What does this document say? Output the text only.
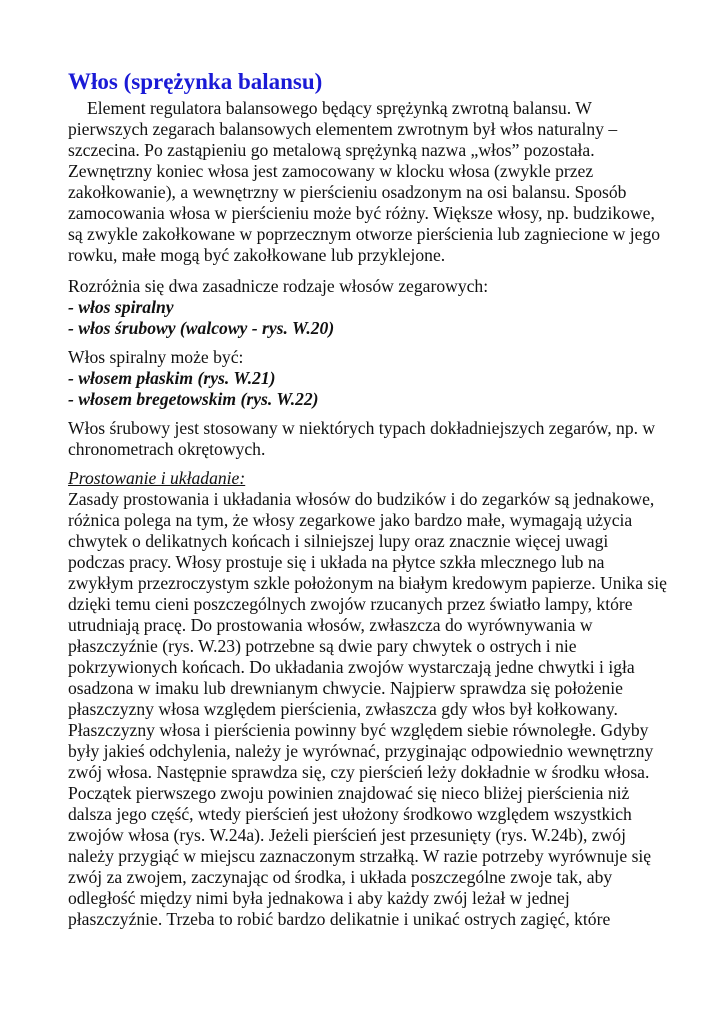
Włos (sprężynka balansu)

Element regulatora balansowego będący sprężynką zwrotną balansu. W pierwszych zegarach balansowych elementem zwrotnym był włos naturalny – szczecina. Po zastąpieniu go metalową sprężynką nazwa „włos” pozostała. Zewnętrzny koniec włosa jest zamocowany w klocku włosa (zwykle przez zakołkowanie), a wewnętrzny w pierścieniu osadzonym na osi balansu. Sposób zamocowania włosa w pierścieniu może być różny. Większe włosy, np. budzikowe, są zwykle zakołkowane w poprzecznym otworze pierścienia lub zagniecione w jego rowku, małe mogą być zakołkowane lub przyklejone.

Rozróżnia się dwa zasadnicze rodzaje włosów zegarowych:

- włos spiralny

- włos śrubowy (walcowy - rys. W.20)

Włos spiralny może być:

- włosem płaskim (rys. W.21)

- włosem bregetowskim (rys. W.22)

Włos śrubowy jest stosowany w niektórych typach dokładniejszych zegarów, np. w chronometrach okrętowych.

Prostowanie i układanie:

Zasady prostowania i układania włosów do budzików i do zegarków są jednakowe, różnica polega na tym, że włosy zegarkowe jako bardzo małe, wymagają użycia chwytek o delikatnych końcach i silniejszej lupy oraz znacznie więcej uwagi podczas pracy. Włosy prostuje się i układa na płytce szkła mlecznego lub na zwykłym przezroczystym szkle położonym na białym kredowym papierze. Unika się dzięki temu cieni poszczególnych zwojów rzucanych przez światło lampy, które utrudniają pracę. Do prostowania włosów, zwłaszcza do wyrównywania w płaszczyźnie (rys. W.23) potrzebne są dwie pary chwytek o ostrych i nie pokrzywionych końcach. Do układania zwojów wystarczają jedne chwytki i igła osadzona w imaku lub drewnianym chwycie. Najpierw sprawdza się położenie płaszczyzny włosa względem pierścienia, zwłaszcza gdy włos był kołkowany. Płaszczyzny włosa i pierścienia powinny być względem siebie równoległe. Gdyby były jakieś odchylenia, należy je wyrównać, przyginając odpowiednio wewnętrzny zwój włosa. Następnie sprawdza się, czy pierścień leży dokładnie w środku włosa. Początek pierwszego zwoju powinien znajdować się nieco bliżej pierścienia niż dalsza jego część, wtedy pierścień jest ułożony środkowo względem wszystkich zwojów włosa (rys. W.24a). Jeżeli pierścień jest przesunięty (rys. W.24b), zwój należy przygiąć w miejscu zaznaczonym strzałką. W razie potrzeby wyrównuje się zwój za zwojem, zaczynając od środka, i układa poszczególne zwoje tak, aby odległość między nimi była jednakowa i aby każdy zwój leżał w jednej płaszczyźnie. Trzeba to robić bardzo delikatnie i unikać ostrych zagięć, które
